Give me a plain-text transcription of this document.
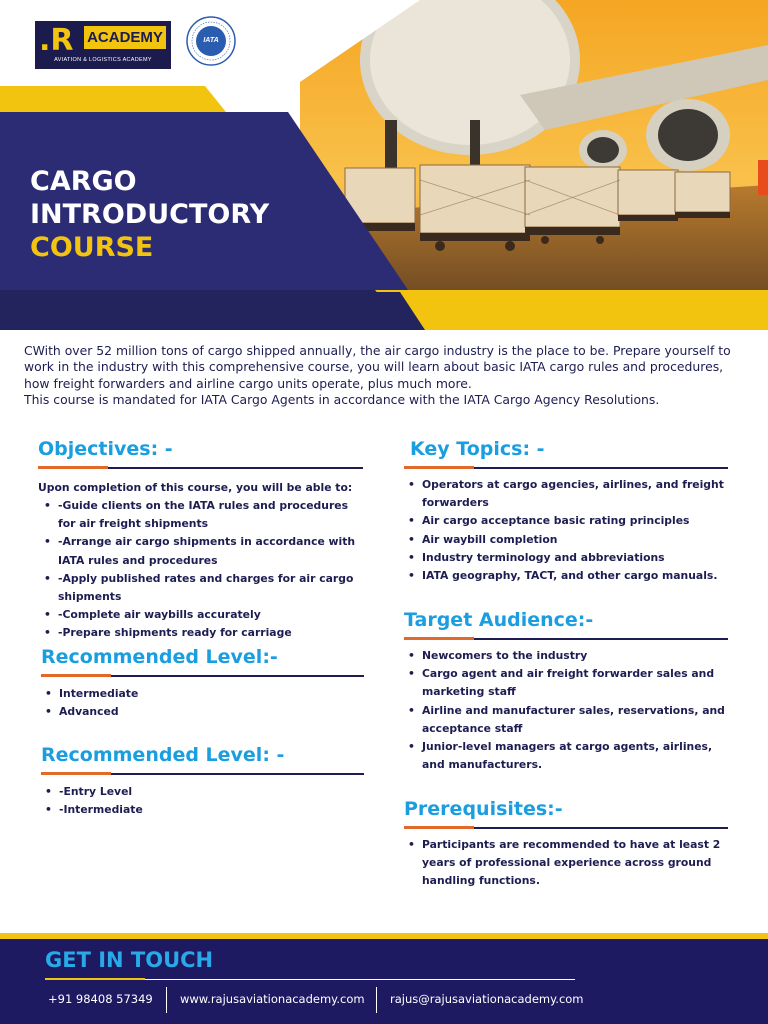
.R ACADEMY
AVIATION & LOGISTICS ACADEMY
IATA
CARGO
INTRODUCTORY
COURSE

CWith over 52 million tons of cargo shipped annually, the air cargo industry is the place to be. Prepare yourself to work in the industry with this comprehensive course, you will learn about basic IATA cargo rules and procedures, how freight forwarders and airline cargo units operate, plus much more.

This course is mandated for IATA Cargo Agents in accordance with the IATA Cargo Agency Resolutions.

Objectives: -
Upon completion of this course, you will be able to:
• -Guide clients on the IATA rules and procedures for air freight shipments
• -Arrange air cargo shipments in accordance with IATA rules and procedures
• -Apply published rates and charges for air cargo shipments
• -Complete air waybills accurately
• -Prepare shipments ready for carriage
Recommended Level:-
• Intermediate
• Advanced
Recommended Level: -
• -Entry Level
• -Intermediate
Key Topics: -
• Operators at cargo agencies, airlines, and freight forwarders
• Air cargo acceptance basic rating principles
• Air waybill completion
• Industry terminology and abbreviations
• IATA geography, TACT, and other cargo manuals.
Target Audience:-
• Newcomers to the industry
• Cargo agent and air freight forwarder sales and marketing staff
• Airline and manufacturer sales, reservations, and acceptance staff
• Junior-level managers at cargo agents, airlines, and manufacturers.
Prerequisites:-
• Participants are recommended to have at least 2 years of professional experience across ground handling functions.
GET IN TOUCH
+91 98408 57349 www.rajusaviationacademy.com rajus@rajusaviationacademy.com
